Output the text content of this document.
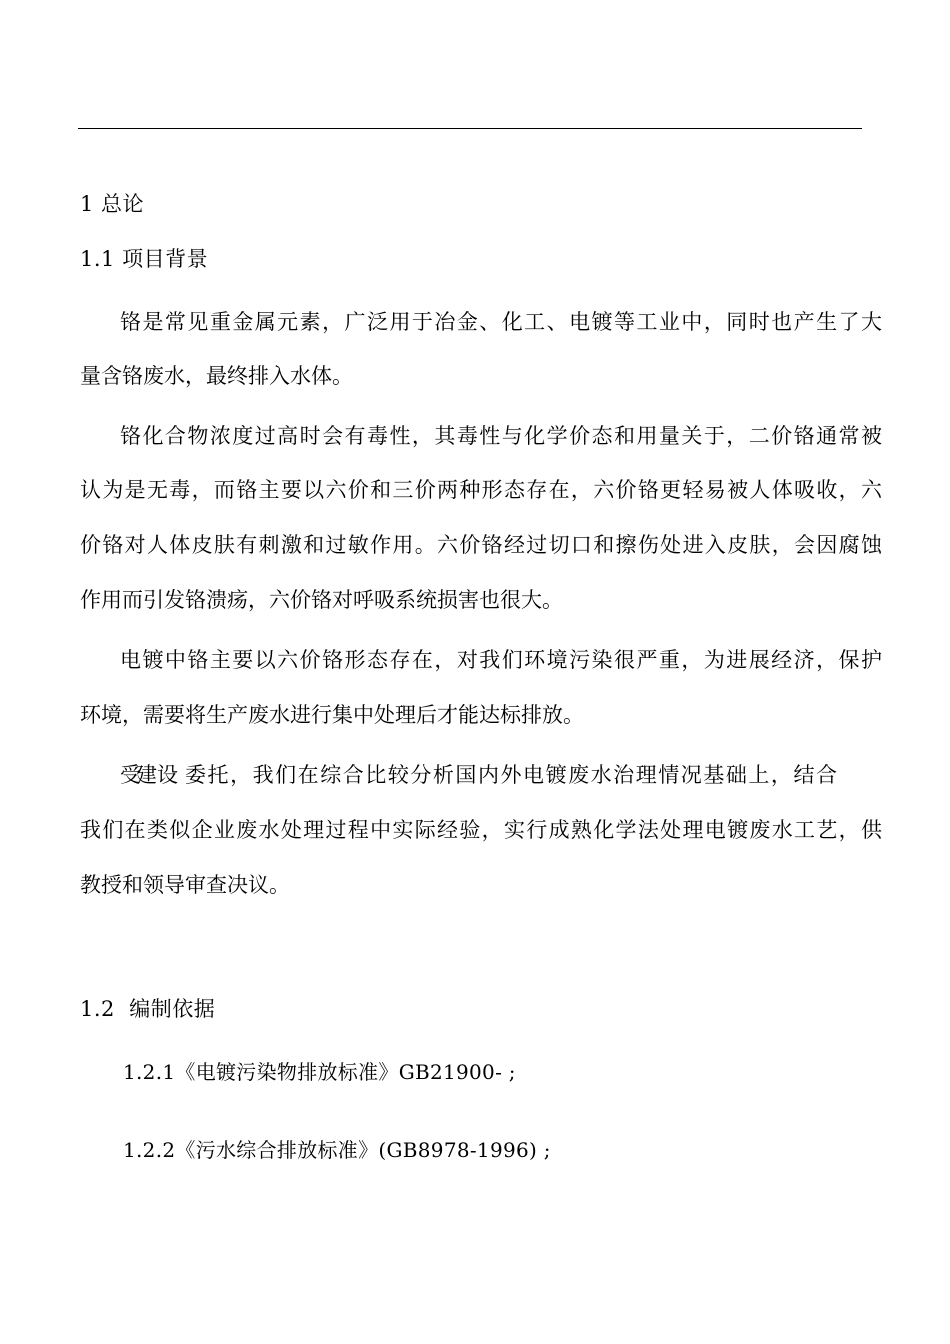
1 总论
1.1 项目背景
铬是常见重金属元素，广泛用于冶金、化工、电镀等工业中，同时也产生了大
量含铬废水，最终排入水体。
铬化合物浓度过高时会有毒性，其毒性与化学价态和用量关于，二价铬通常被
认为是无毒，而铬主要以六价和三价两种形态存在，六价铬更轻易被人体吸收，六
价铬对人体皮肤有刺激和过敏作用。六价铬经过切口和擦伤处进入皮肤，会因腐蚀
作用而引发铬溃疡，六价铬对呼吸系统损害也很大。
电镀中铬主要以六价铬形态存在，对我们环境污染很严重，为进展经济，保护
环境，需要将生产废水进行集中处理后才能达标排放。
受
建设 委托，我们在综合比较分析国内外电镀废水治理情况基础上，结合
我们在类似企业废水处理过程中实际经验，实行成熟化学法处理电镀废水工艺，供
教授和领导审查决议。
1.2  编制依据
1.2.1《电镀污染物排放标准》GB21900- ;
1.2.2《污水综合排放标准》(GB8978-1996) ;
